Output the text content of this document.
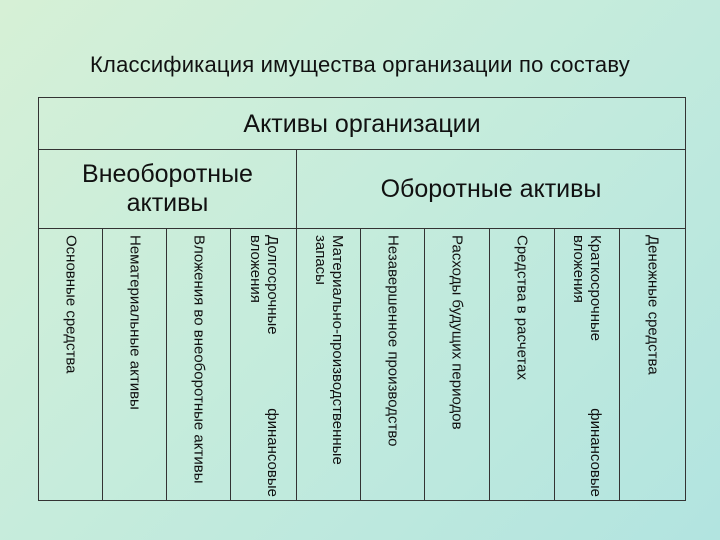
Классификация имущества организации по составу
Активы организации
Внеоборотные активы
Оборотные активы
Основные средства	Нематериальные активы	Вложения во внеоборотные активы	Долгосрочные финансовые вложения	Материально-производственные запасы	Незавершенное производство	Расходы будущих периодов	Средства в расчетах	Краткосрочные финансовые вложения	Денежные средства
